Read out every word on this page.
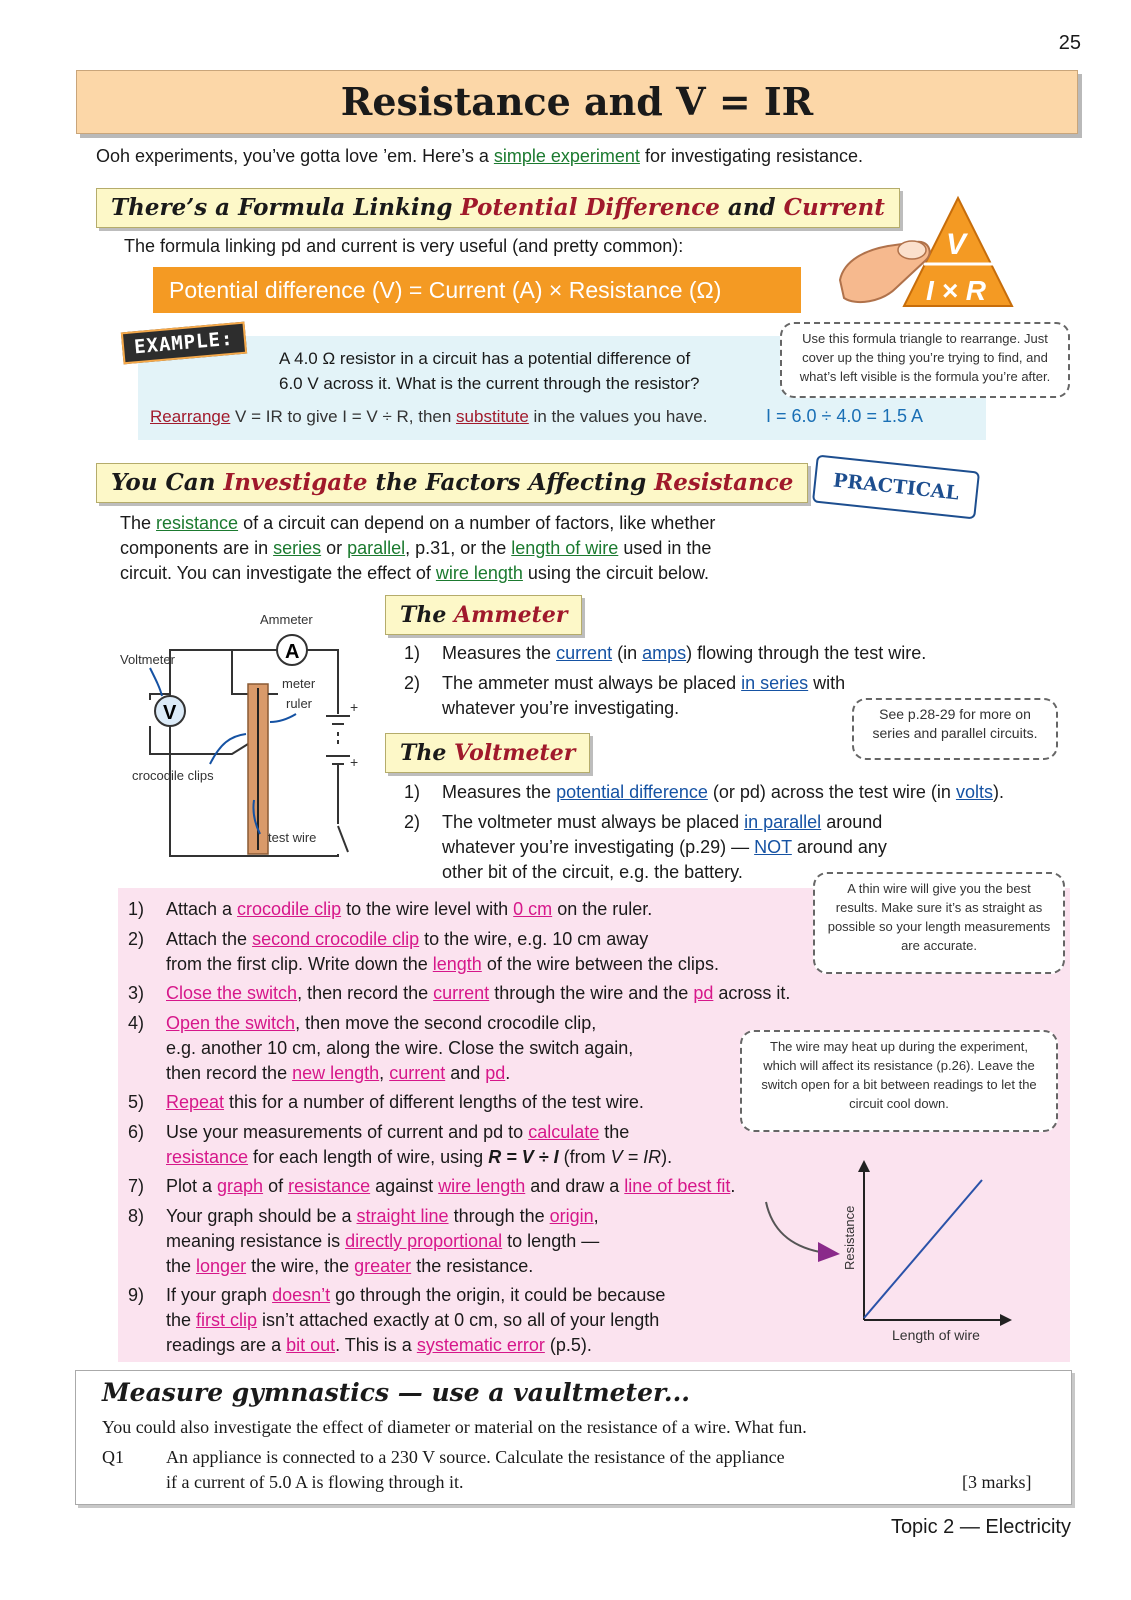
25
Resistance and V = IR
Ooh experiments, you’ve gotta love ’em. Here’s a simple experiment for investigating resistance.
There’s a Formula Linking Potential Difference and Current
The formula linking pd and current is very useful (and pretty common):
Potential difference (V) = Current (A) × Resistance (Ω)
V
I × R
EXAMPLE:
A 4.0 Ω resistor in a circuit has a potential difference of
6.0 V across it. What is the current through the resistor?
Rearrange V = IR to give I = V ÷ R, then substitute in the values you have.	I = 6.0 ÷ 4.0 = 1.5 A
Use this formula triangle to rearrange. Just cover up the thing you’re trying to find, and what’s left visible is the formula you’re after.
You Can Investigate the Factors Affecting Resistance	PRACTICAL
The resistance of a circuit can depend on a number of factors, like whether
components are in series or parallel, p.31, or the length of wire used in the
circuit. You can investigate the effect of wire length using the circuit below.
A
V
Ammeter
Voltmeter
meter
ruler
crocodile clips
test wire
+
+
The Ammeter
1) Measures the current (in amps) flowing through the test wire.
2) The ammeter must always be placed in series with
whatever you’re investigating.	See p.28-29 for more on series and parallel circuits.
The Voltmeter
1) Measures the potential difference (or pd) across the test wire (in volts).
2) The voltmeter must always be placed in parallel around
whatever you’re investigating (p.29) — NOT around any
other bit of the circuit, e.g. the battery.
1) Attach a crocodile clip to the wire level with 0 cm on the ruler.
2) Attach the second crocodile clip to the wire, e.g. 10 cm away
from the first clip. Write down the length of the wire between the clips.
3) Close the switch, then record the current through the wire and the pd across it.
4) Open the switch, then move the second crocodile clip,
e.g. another 10 cm, along the wire. Close the switch again,
then record the new length, current and pd.
5) Repeat this for a number of different lengths of the test wire.
6) Use your measurements of current and pd to calculate the
resistance for each length of wire, using R = V ÷ I (from V = IR).
7) Plot a graph of resistance against wire length and draw a line of best fit.
8) Your graph should be a straight line through the origin,
meaning resistance is directly proportional to length —
the longer the wire, the greater the resistance.
9) If your graph doesn’t go through the origin, it could be because
the first clip isn’t attached exactly at 0 cm, so all of your length
readings are a bit out. This is a systematic error (p.5).
A thin wire will give you the best results. Make sure it’s as straight as possible so your length measurements are accurate.
The wire may heat up during the experiment, which will affect its resistance (p.26). Leave the switch open for a bit between readings to let the circuit cool down.
Resistance
Length of wire
Measure gymnastics — use a vaultmeter...
You could also investigate the effect of diameter or material on the resistance of a wire. What fun.
Q1 An appliance is connected to a 230 V source. Calculate the resistance of the appliance
if a current of 5.0 A is flowing through it.	[3 marks]
Topic 2 — Electricity
